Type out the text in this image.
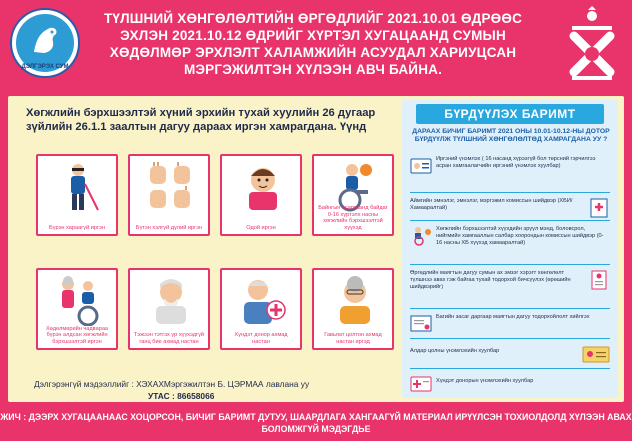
ДЭЛГЭРЭХ СУМ
ТҮЛШНИЙ ХӨНГӨЛӨЛТИЙН ӨРГӨДЛИЙГ 2021.10.01 ӨДРӨӨС ЭХЛЭН 2021.10.12 ӨДРИЙГ ХҮРТЭЛ ХУГАЦААНД СУМЫН ХӨДӨЛМӨР ЭРХЛЭЛТ ХАЛАМЖИЙН АСУУДАЛ ХАРИУЦСАН МЭРГЭЖИЛТЭН ХҮЛЭЭН АВЧ БАЙНА.
Хөгжлийн бэрхшээлтэй хүний эрхийн тухай хуулийн 26 дугаар зүйлийн 26.1.1 заалтын дагуу дараах иргэн хамрагдана. Үүнд
Бүрэн хараагүй иргэн	Бүтэн хэлгүй дүлий иргэн	Одой иргэн
Байнгын асаргаанд байдаг 0-16 хүртэлх насны хөгжлийн бэрхшээлтэй хүүхэд
Хөдөлмөрийн чадвараа бүрэн алдсан хөгжлийн бэрхшээлтэй иргэн
Тэжээн тэтгэх үр хүүхэдгүй ганц бие ахмад настан
Хүндэт донор ахмад настан
Гавьяат цолтон ахмад настан иргэд
Дэлгэрэнгүй мэдээллийг : ХЭХАХМэргэжилтэн Б. ЦЭРМАА лавлана уу
УТАС : 86658066
БҮРДҮҮЛЭХ БАРИМТ
ДАРААХ БИЧИГ БАРИМТ 2021 ОНЫ 10.01-10.12-НЫ ДОТОР БҮРДҮҮЛЖ ТҮЛШНИЙ ХӨНГӨЛӨЛТӨД ХАМРАГДАНА УУ ?
Иргэний үнэмлэх ( 16 насанд хүрээгүй бол төрсний гэрчилгээ асран хамгаалагчийн иргэний үнэмлэх хуулбар)
Аймгийн эмнэлэг, эмнэлэг, мэргэжил комиссын шийдвэр (ХБИ/Хамааралтай)
Хөгжлийн бэрхшээлтэй хүүхдийн эрүүл мэнд, боловсрол, нийгмийн хамгааллын салбар хоорондын комиссын шийдвэр (0-16 насны ХБ хүүхэд хамааралтай)
Өргөдлийн маягтын дагуу сумын ах эмзэг хэрэгт хөнгөлөлт түлшнээ авах гэж байгаа тухай тодорхой бичсүүлэх (өрөшийн шийдвэрийг)
Багийн засаг даргаар маягтын дагуу тодорхойлолт хийлгэх
Алдар цолны үнэмлэхийн хуулбар
Хүндэт донорын үнэмлэхийн хуулбар
ЖИЧ : ДЭЭРХ ХУГАЦААНААС ХОЦОРСОН, БИЧИГ БАРИМТ ДУТУУ, ШААРДЛАГА ХАНГААГҮЙ МАТЕРИАЛ ИРҮҮЛСЭН ТОХИОЛДОЛД ХҮЛЭЭН АВАХ БОЛОМЖГҮЙ МЭДЭГДЬЕ
